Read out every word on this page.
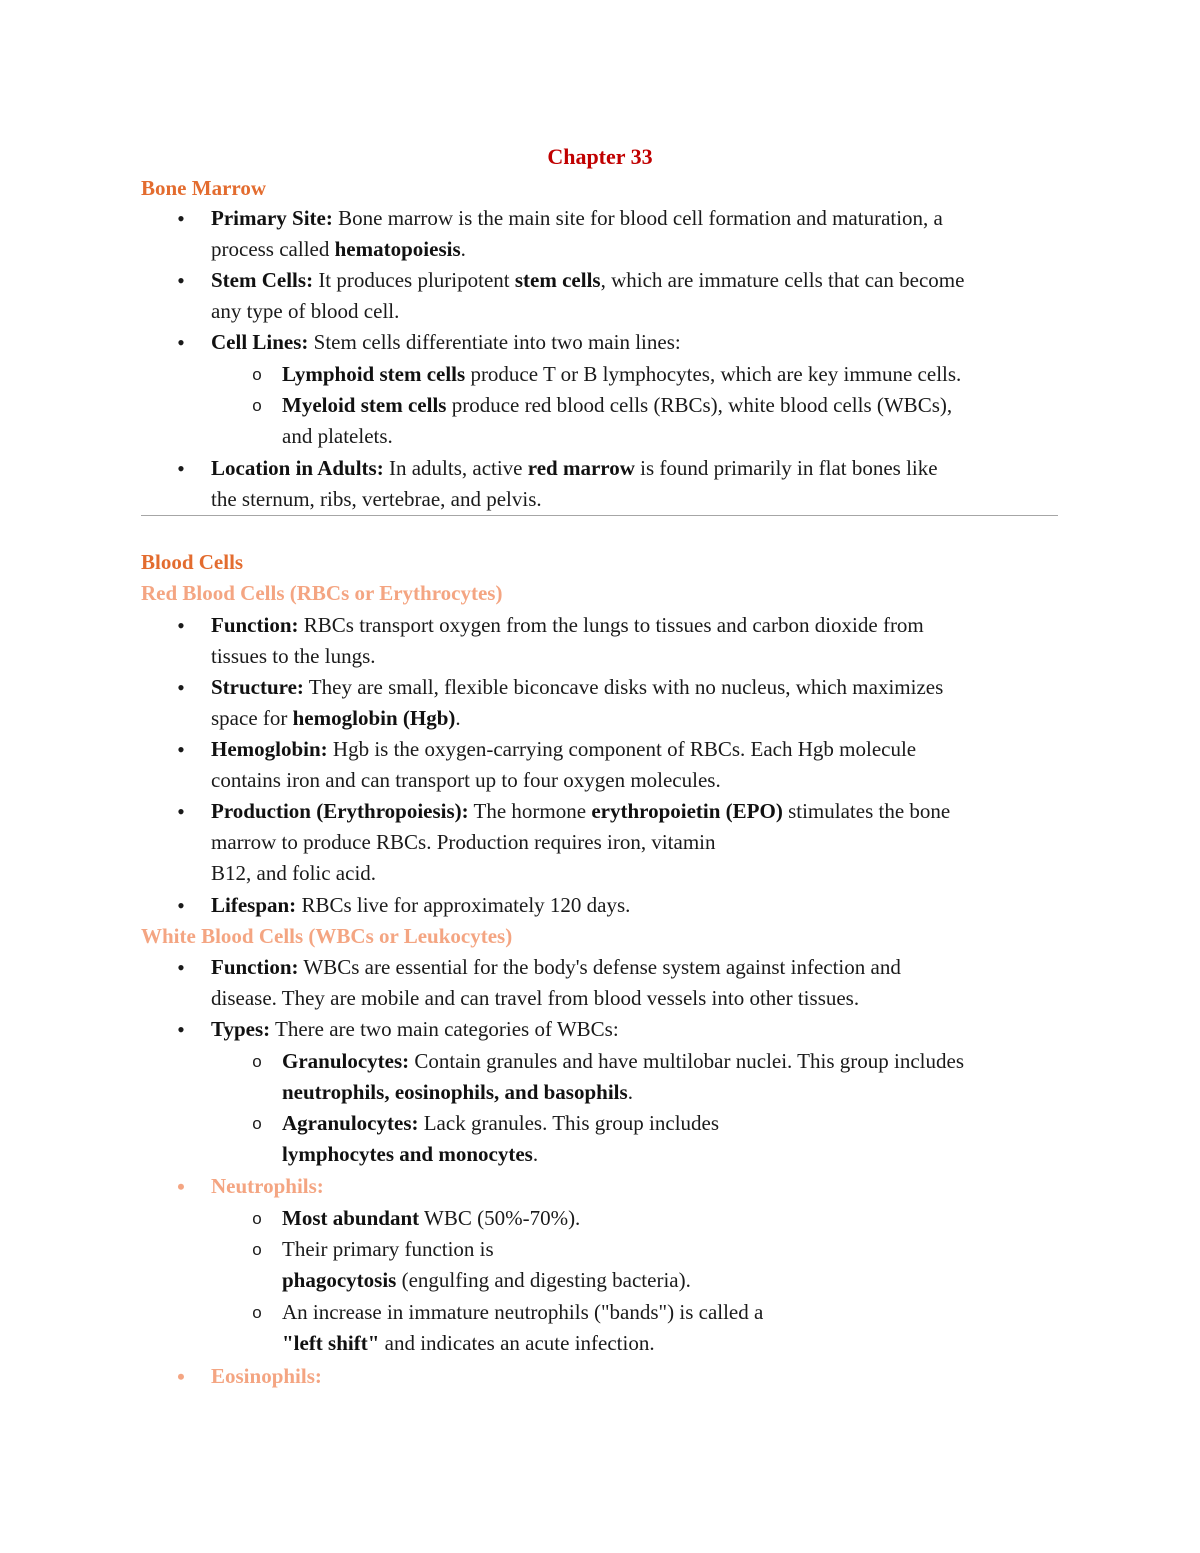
Chapter 33
Bone Marrow
• Primary Site: Bone marrow is the main site for blood cell formation and maturation, a
process called hematopoiesis.
• Stem Cells: It produces pluripotent stem cells, which are immature cells that can become
any type of blood cell.
• Cell Lines: Stem cells differentiate into two main lines:
o Lymphoid stem cells produce T or B lymphocytes, which are key immune cells.
o Myeloid stem cells produce red blood cells (RBCs), white blood cells (WBCs),
and platelets.
• Location in Adults: In adults, active red marrow is found primarily in flat bones like
the sternum, ribs, vertebrae, and pelvis.
Blood Cells
Red Blood Cells (RBCs or Erythrocytes)
• Function: RBCs transport oxygen from the lungs to tissues and carbon dioxide from
tissues to the lungs.
• Structure: They are small, flexible biconcave disks with no nucleus, which maximizes
space for hemoglobin (Hgb).
• Hemoglobin: Hgb is the oxygen-carrying component of RBCs. Each Hgb molecule
contains iron and can transport up to four oxygen molecules.
• Production (Erythropoiesis): The hormone erythropoietin (EPO) stimulates the bone
marrow to produce RBCs. Production requires iron, vitamin
B12, and folic acid.
• Lifespan: RBCs live for approximately 120 days.
White Blood Cells (WBCs or Leukocytes)
• Function: WBCs are essential for the body's defense system against infection and
disease. They are mobile and can travel from blood vessels into other tissues.
• Types: There are two main categories of WBCs:
o Granulocytes: Contain granules and have multilobar nuclei. This group includes
neutrophils, eosinophils, and basophils.
o Agranulocytes: Lack granules. This group includes
lymphocytes and monocytes.
• Neutrophils:
o Most abundant WBC (50%-70%).
o Their primary function is
phagocytosis (engulfing and digesting bacteria).
o An increase in immature neutrophils ("bands") is called a
"left shift" and indicates an acute infection.
• Eosinophils:
